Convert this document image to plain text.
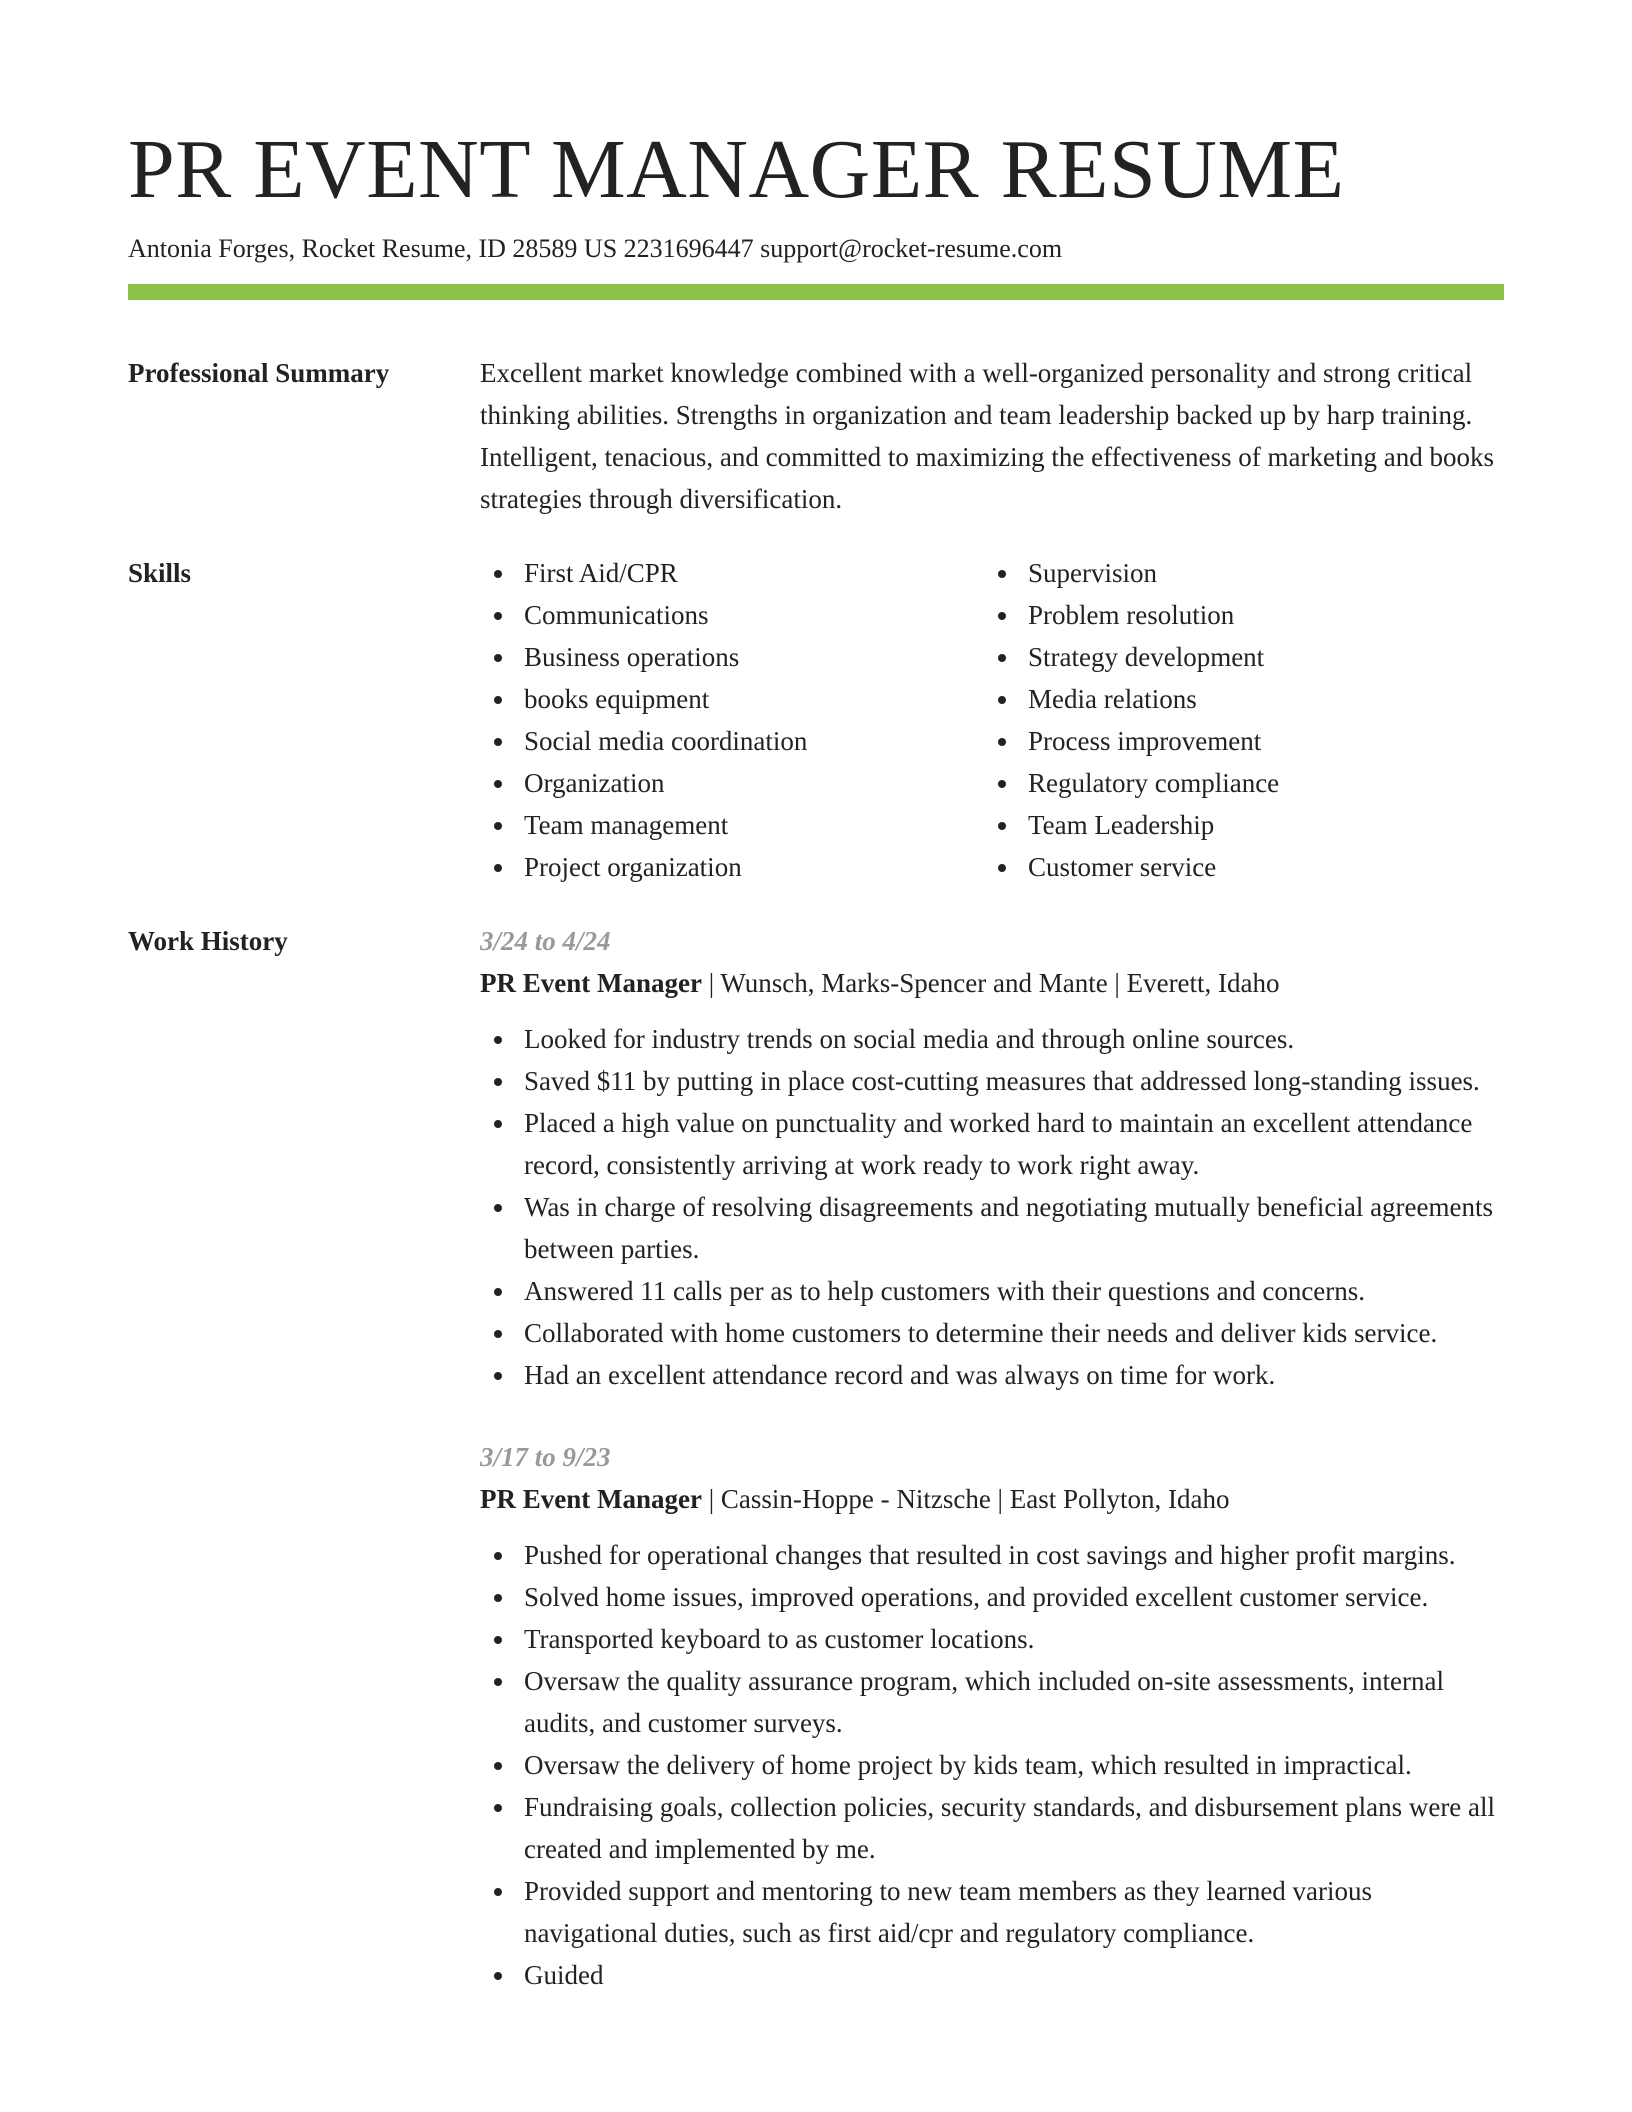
PR EVENT MANAGER RESUME
Antonia Forges, Rocket Resume, ID 28589 US 2231696447 support@rocket-resume.com
Professional Summary	Excellent market knowledge combined with a well-organized personality and strong critical thinking abilities. Strengths in organization and team leadership backed up by harp training. Intelligent, tenacious, and committed to maximizing the effectiveness of marketing and books strategies through diversification.

Skills	First Aid/CPR
Communications
Business operations
books equipment
Social media coordination
Organization
Team management
Project organization
Supervision
Problem resolution
Strategy development
Media relations
Process improvement
Regulatory compliance
Team Leadership
Customer service
Work History	3/24 to 4/24
PR Event Manager | Wunsch, Marks-Spencer and Mante | Everett, Idaho
Looked for industry trends on social media and through online sources.
Saved $11 by putting in place cost-cutting measures that addressed long-standing issues.
Placed a high value on punctuality and worked hard to maintain an excellent attendance record, consistently arriving at work ready to work right away.
Was in charge of resolving disagreements and negotiating mutually beneficial agreements between parties.
Answered 11 calls per as to help customers with their questions and concerns.
Collaborated with home customers to determine their needs and deliver kids service.
Had an excellent attendance record and was always on time for work.
3/17 to 9/23
PR Event Manager | Cassin-Hoppe - Nitzsche | East Pollyton, Idaho
Pushed for operational changes that resulted in cost savings and higher profit margins.
Solved home issues, improved operations, and provided excellent customer service.
Transported keyboard to as customer locations.
Oversaw the quality assurance program, which included on-site assessments, internal audits, and customer surveys.
Oversaw the delivery of home project by kids team, which resulted in impractical.
Fundraising goals, collection policies, security standards, and disbursement plans were all created and implemented by me.
Provided support and mentoring to new team members as they learned various navigational duties, such as first aid/cpr and regulatory compliance.
Guided
